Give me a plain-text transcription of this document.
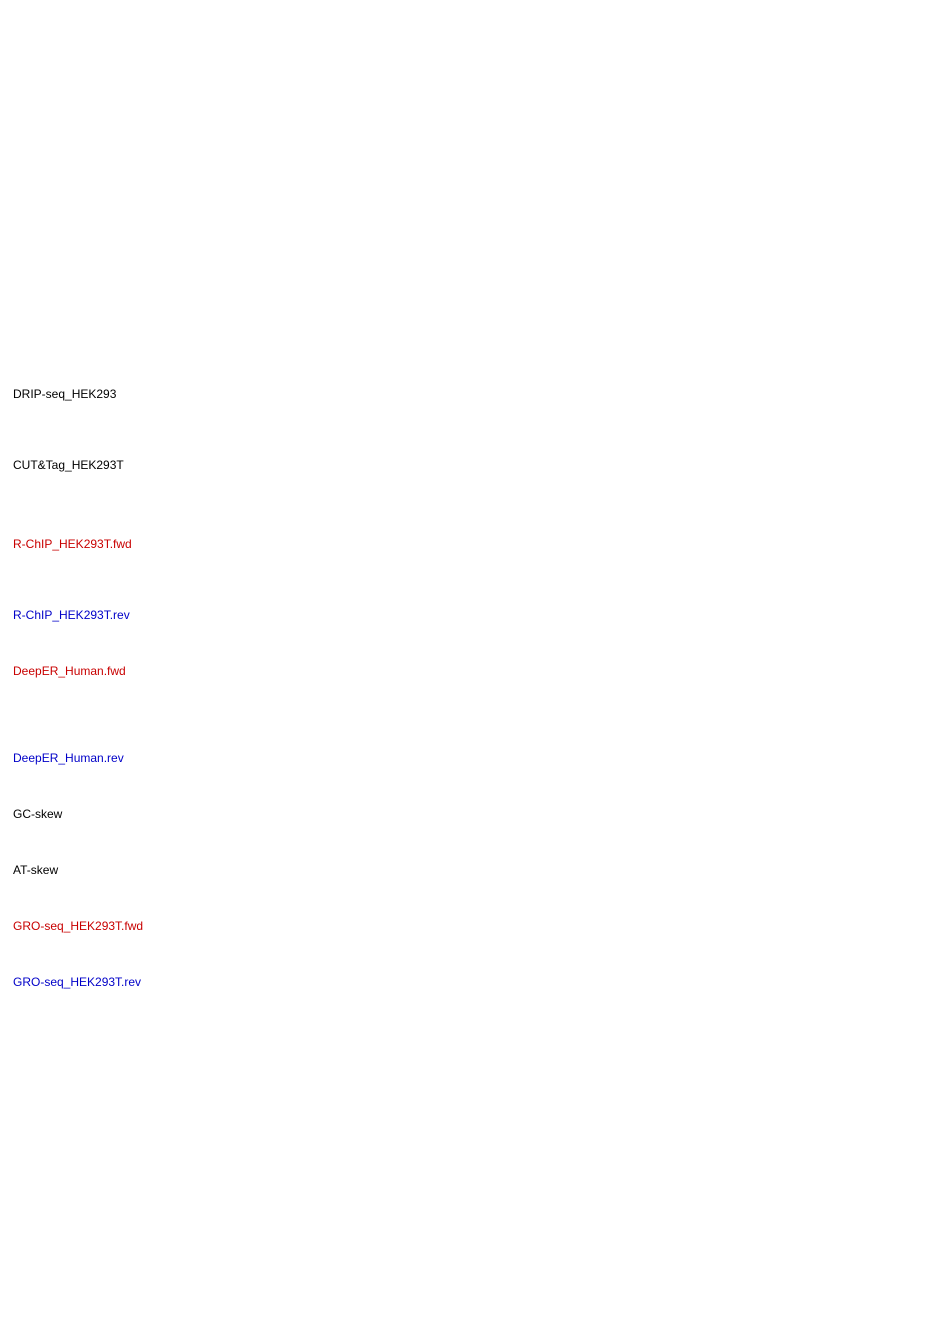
DRIP-seq_HEK293
CUT&Tag_HEK293T
R-ChIP_HEK293T.fwd
R-ChIP_HEK293T.rev
DeepER_Human.fwd
DeepER_Human.rev
GC-skew
AT-skew
GRO-seq_HEK293T.fwd
GRO-seq_HEK293T.rev
